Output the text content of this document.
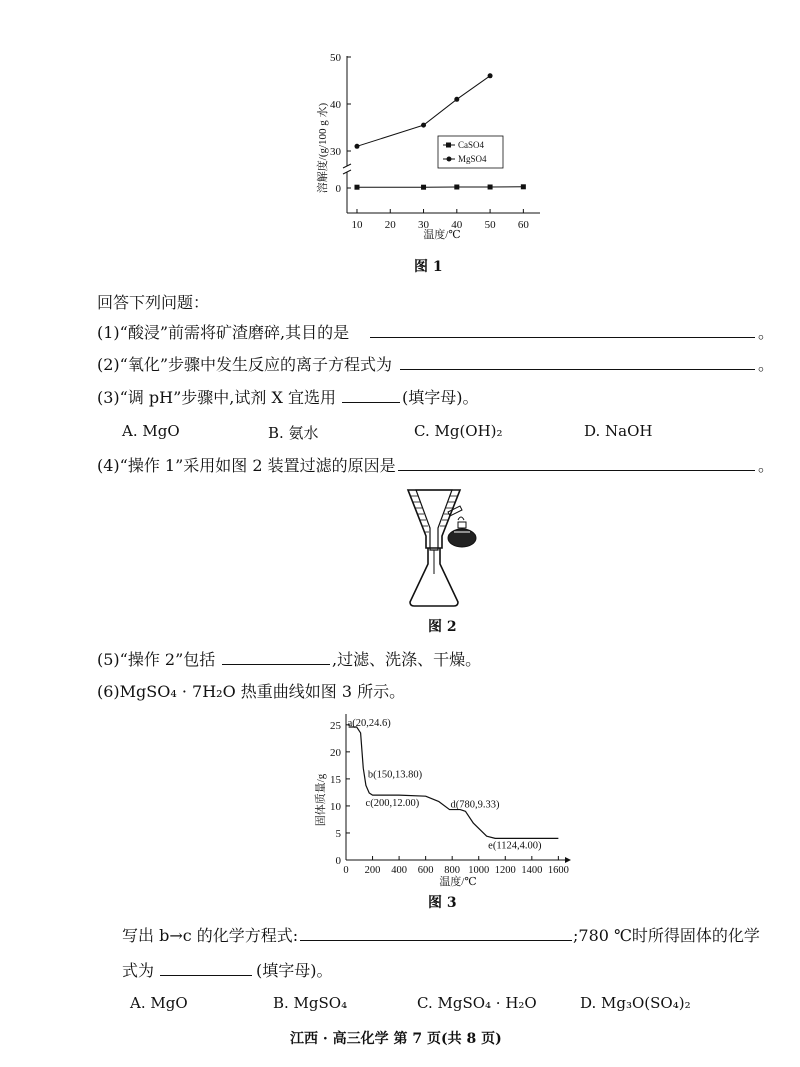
0
30
40
50
10 20 30 40 50 60
溶解度/(g/100 g 水)
温度/℃
CaSO4
MgSO4
图 1
回答下列问题：
(1)“酸浸”前需将矿渣磨碎,其目的是	。
(2)“氧化”步骤中发生反应的离子方程式为	。
(3)“调 pH”步骤中,试剂 X 宜选用	(填字母)。
A. MgO	B. 氨水	C. Mg(OH)₂	D. NaOH
(4)“操作 1”采用如图 2 装置过滤的原因是	。
图 2
(5)“操作 2”包括	,过滤、洗涤、干燥。
(6)MgSO₄ · 7H₂O 热重曲线如图 3 所示。
0
5
10
15
20
25
0 200 400 600 800 1000 1200 1400 1600
a(20,24.6)
b(150,13.80)
c(200,12.00)	d(780,9.33)
e(1124,4.00)
固体质量/g
温度/℃
图 3
写出 b→c 的化学方程式:	;780 ℃时所得固体的化学
式为	(填字母)。
A. MgO	B. MgSO₄	C. MgSO₄ · H₂O	D. Mg₃O(SO₄)₂
江西 · 高三化学 第 7 页(共 8 页)
